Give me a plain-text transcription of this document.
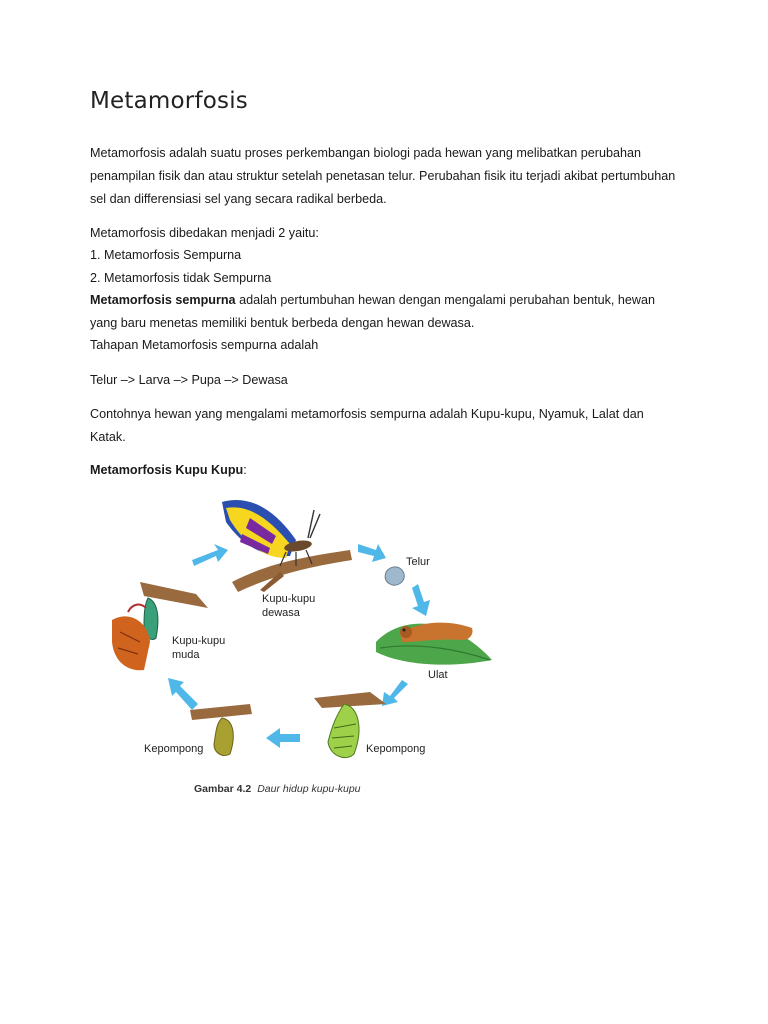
Metamorfosis
Metamorfosis adalah suatu proses perkembangan biologi pada hewan yang melibatkan perubahan
penampilan fisik dan atau struktur setelah penetasan telur. Perubahan fisik itu terjadi akibat pertumbuhan
sel dan differensiasi sel yang secara radikal berbeda.
Metamorfosis dibedakan menjadi 2 yaitu:
1. Metamorfosis Sempurna
2. Metamorfosis tidak Sempurna
Metamorfosis sempurna adalah pertumbuhan hewan dengan mengalami perubahan bentuk, hewan
yang baru menetas memiliki bentuk berbeda dengan hewan dewasa.
Tahapan Metamorfosis sempurna adalah
Telur –> Larva –> Pupa –> Dewasa
Contohnya hewan yang mengalami metamorfosis sempurna adalah Kupu-kupu, Nyamuk, Lalat dan
Katak.
Metamorfosis Kupu Kupu:
Telur
Kupu-kupu
dewasa
Kupu-kupu
muda
Ulat
Kepompong
Kepompong
Gambar 4.2 Daur hidup kupu-kupu
